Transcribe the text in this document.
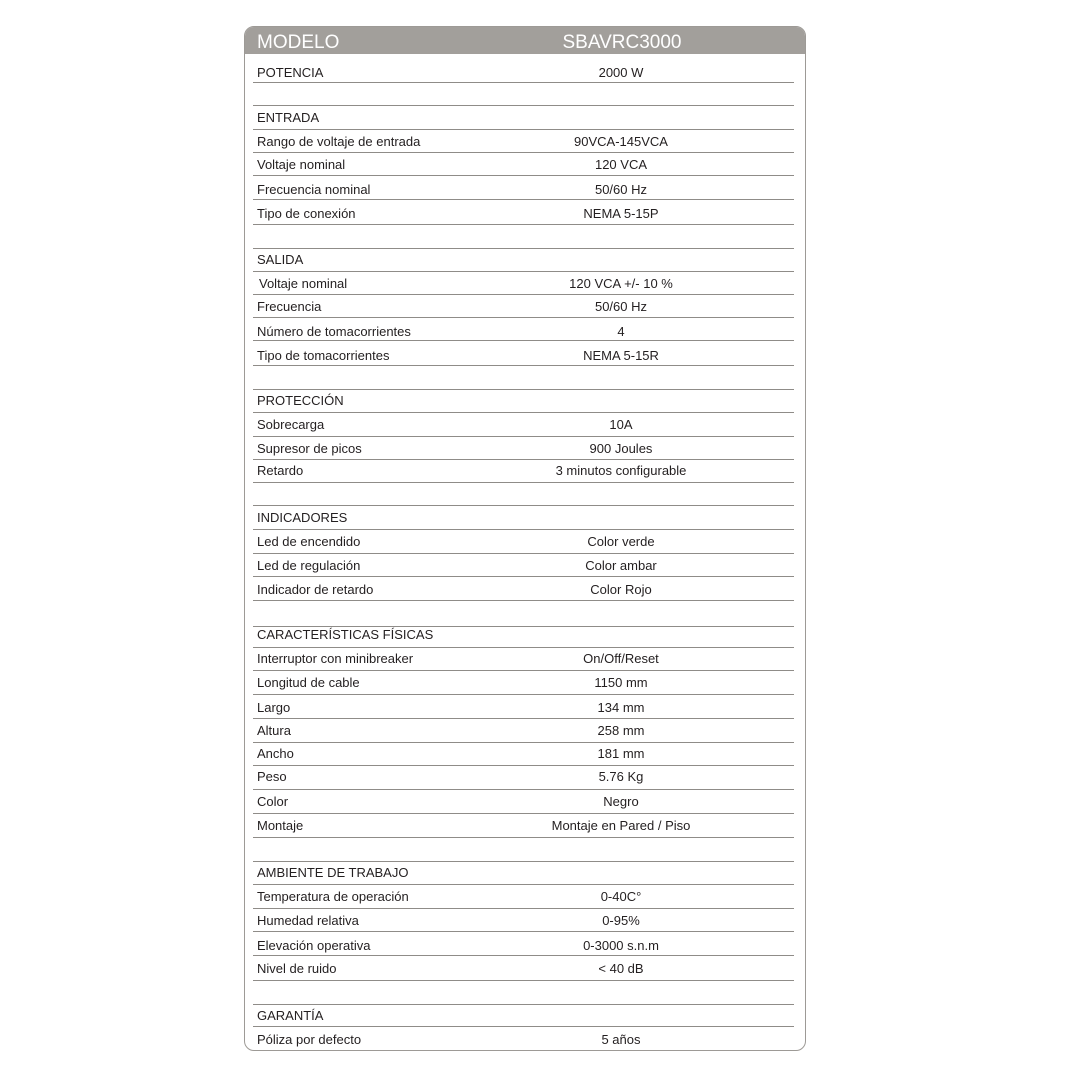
MODELO	SBAVRC3000
POTENCIA	2000 W
ENTRADA
Rango de voltaje de entrada	90VCA-145VCA
Voltaje nominal	120 VCA
Frecuencia nominal	50/60 Hz
Tipo de conexión	NEMA 5-15P
SALIDA
Voltaje nominal	120 VCA +/- 10 %
Frecuencia	50/60 Hz
Número de tomacorrientes	4
Tipo de tomacorrientes	NEMA 5-15R
PROTECCIÓN
Sobrecarga	10A
Supresor de picos	900 Joules
Retardo	3 minutos configurable
INDICADORES
Led de encendido	Color verde
Led de regulación	Color ambar
Indicador de retardo	Color Rojo
CARACTERÍSTICAS FÍSICAS
Interruptor con minibreaker	On/Off/Reset
Longitud de cable	1150 mm
Largo	134 mm
Altura	258 mm
Ancho	181 mm
Peso	5.76 Kg
Color	Negro
Montaje	Montaje en Pared / Piso
AMBIENTE DE TRABAJO
Temperatura de operación	0-40C°
Humedad relativa	0-95%
Elevación operativa	0-3000 s.n.m
Nivel de ruido	< 40 dB
GARANTÍA
Póliza por defecto	5 años
